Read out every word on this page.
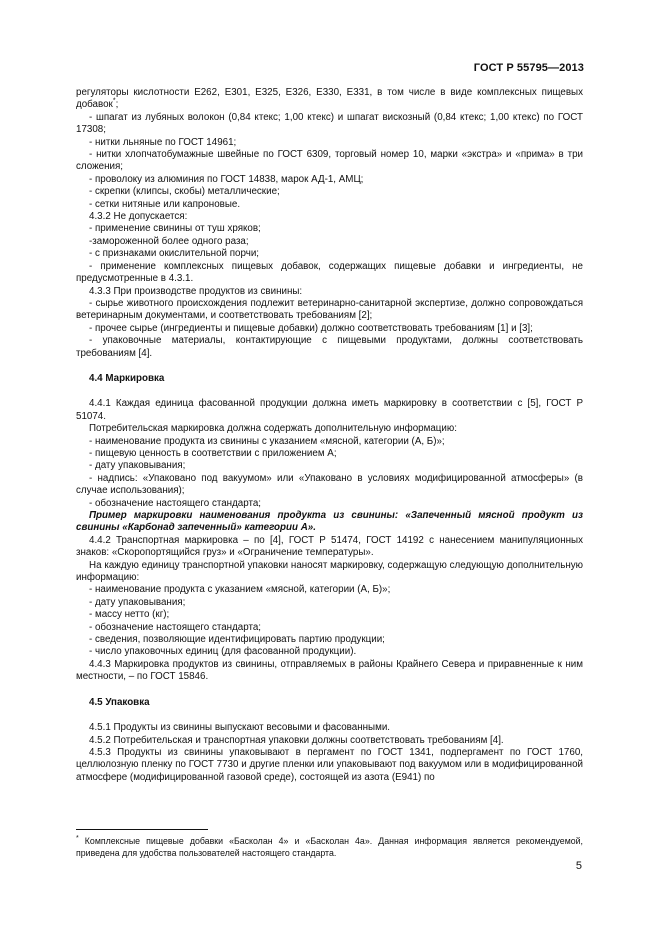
ГОСТ Р 55795—2013

регуляторы кислотности Е262, Е301, Е325, Е326, Е330, Е331, в том числе в виде комплексных пищевых добавок*;

- шпагат из лубяных волокон (0,84 ктекс; 1,00 ктекс) и шпагат вискозный (0,84 ктекс; 1,00 ктекс) по ГОСТ 17308;

- нитки льняные по ГОСТ 14961;

- нитки хлопчатобумажные швейные по ГОСТ 6309, торговый номер 10, марки «экстра» и «прима» в три сложения;

- проволоку из алюминия по ГОСТ 14838, марок АД-1, АМЦ;

- скрепки (клипсы, скобы) металлические;

- сетки нитяные или капроновые.

4.3.2 Не допускается:

- применение свинины от туш хряков;

-замороженной более одного раза;

- с признаками окислительной порчи;

- применение комплексных пищевых добавок, содержащих пищевые добавки и ингредиенты, не предусмотренные в 4.3.1.

4.3.3 При производстве продуктов из свинины:

- сырье животного происхождения подлежит ветеринарно-санитарной экспертизе, должно сопровождаться ветеринарным документами, и соответствовать требованиям [2];

- прочее сырье (ингредиенты и пищевые добавки) должно соответствовать требованиям [1] и [3];

- упаковочные материалы, контактирующие с пищевыми продуктами, должны соответствовать требованиям [4].

4.4 Маркировка

4.4.1 Каждая единица фасованной продукции должна иметь маркировку в соответствии с [5], ГОСТ Р 51074.

Потребительская маркировка должна содержать дополнительную информацию:

- наименование продукта из свинины с указанием «мясной, категории (А, Б)»;

- пищевую ценность в соответствии с приложением А;

- дату упаковывания;

- надпись: «Упаковано под вакуумом» или «Упаковано в условиях модифицированной атмосферы» (в случае использования);

- обозначение настоящего стандарта;

Пример маркировки наименования продукта из свинины: «Запеченный мясной продукт из свинины «Карбонад запеченный» категории А».

4.4.2 Транспортная маркировка – по [4], ГОСТ Р 51474, ГОСТ 14192 с нанесением манипуляционных знаков: «Скоропортящийся груз» и «Ограничение температуры».

На каждую единицу транспортной упаковки наносят маркировку, содержащую следующую дополнительную информацию:

- наименование продукта с указанием «мясной, категории (А, Б)»;

- дату упаковывания;

- массу нетто (кг);

- обозначение настоящего стандарта;

- сведения, позволяющие идентифицировать партию продукции;

- число упаковочных единиц (для фасованной продукции).

4.4.3 Маркировка продуктов из свинины, отправляемых в районы Крайнего Севера и приравненные к ним местности, – по ГОСТ 15846.

4.5 Упаковка

4.5.1 Продукты из свинины выпускают весовыми и фасованными.

4.5.2 Потребительская и транспортная упаковки должны соответствовать требованиям [4].

4.5.3 Продукты из свинины упаковывают в пергамент по ГОСТ 1341, подпергамент по ГОСТ 1760, целлюлозную пленку по ГОСТ 7730 и другие пленки или упаковывают под вакуумом или в модифицированной атмосфере (модифицированной газовой среде), состоящей из азота (Е941) по

* Комплексные пищевые добавки «Басколан 4» и «Басколан 4а». Данная информация является рекомендуемой, приведена для удобства пользователей настоящего стандарта.
5
